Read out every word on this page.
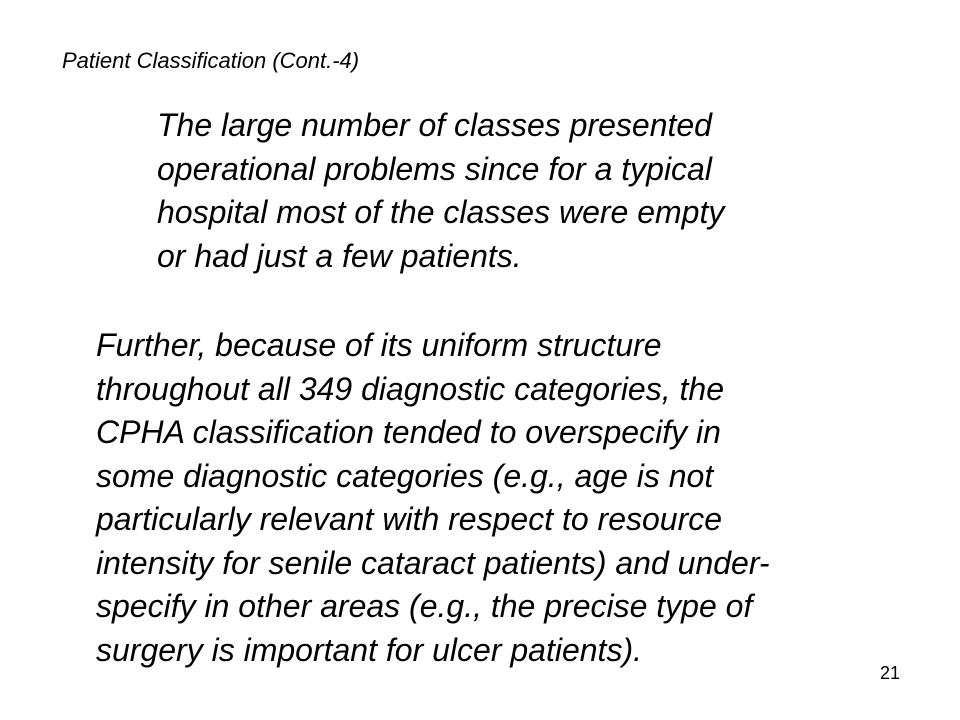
Patient Classification (Cont.-4)

The large number of classes presented
operational problems since for a typical
hospital most of the classes were empty
or had just a few patients.

Further, because of its uniform structure
throughout all 349 diagnostic categories, the
CPHA classification tended to overspecify in
some diagnostic categories (e.g., age is not
particularly relevant with respect to resource
intensity for senile cataract patients) and under-
specify in other areas (e.g., the precise type of
surgery is important for ulcer patients).

21
